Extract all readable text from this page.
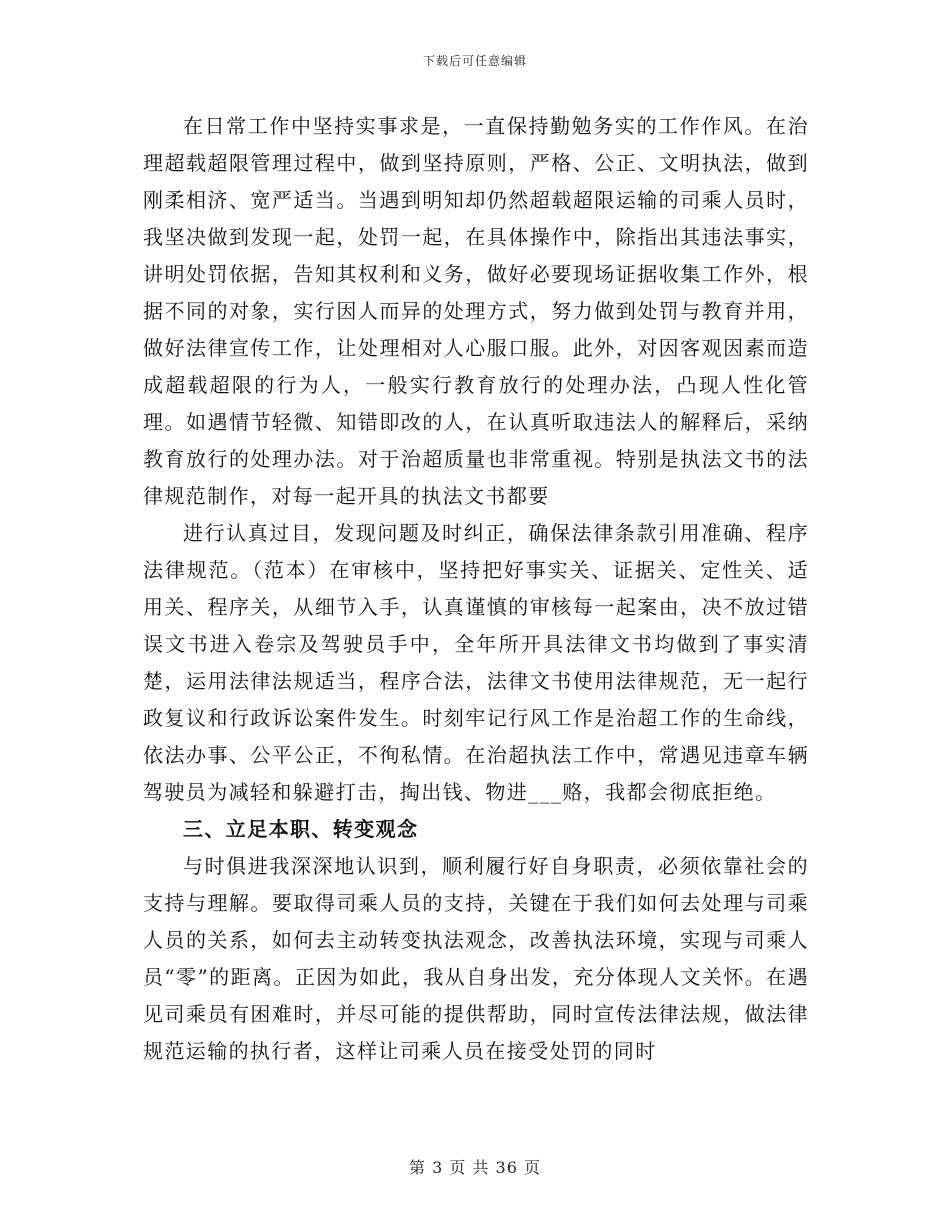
下载后可任意编辑

在日常工作中坚持实事求是，一直保持勤勉务实的工作作风。在治理超载超限管理过程中，做到坚持原则，严格、公正、文明执法，做到刚柔相济、宽严适当。当遇到明知却仍然超载超限运输的司乘人员时，我坚决做到发现一起，处罚一起，在具体操作中，除指出其违法事实，讲明处罚依据，告知其权利和义务，做好必要现场证据收集工作外，根据不同的对象，实行因人而异的处理方式，努力做到处罚与教育并用，做好法律宣传工作，让处理相对人心服口服。此外，对因客观因素而造成超载超限的行为人，一般实行教育放行的处理办法，凸现人性化管理。如遇情节轻微、知错即改的人，在认真听取违法人的解释后，采纳教育放行的处理办法。对于治超质量也非常重视。特别是执法文书的法律规范制作，对每一起开具的执法文书都要

进行认真过目，发现问题及时纠正，确保法律条款引用准确、程序法律规范。（范本）在审核中，坚持把好事实关、证据关、定性关、适用关、程序关，从细节入手，认真谨慎的审核每一起案由，决不放过错误文书进入卷宗及驾驶员手中，全年所开具法律文书均做到了事实清楚，运用法律法规适当，程序合法，法律文书使用法律规范，无一起行政复议和行政诉讼案件发生。时刻牢记行风工作是治超工作的生命线，依法办事、公平公正，不徇私情。在治超执法工作中，常遇见违章车辆驾驶员为减轻和躲避打击，掏出钱、物进___赂，我都会彻底拒绝。

三、立足本职、转变观念

与时俱进我深深地认识到，顺利履行好自身职责，必须依靠社会的支持与理解。要取得司乘人员的支持，关键在于我们如何去处理与司乘人员的关系，如何去主动转变执法观念，改善执法环境，实现与司乘人员“零”的距离。正因为如此，我从自身出发，充分体现人文关怀。在遇见司乘员有困难时，并尽可能的提供帮助，同时宣传法律法规，做法律规范运输的执行者，这样让司乘人员在接受处罚的同时

第 3 页 共 36 页
